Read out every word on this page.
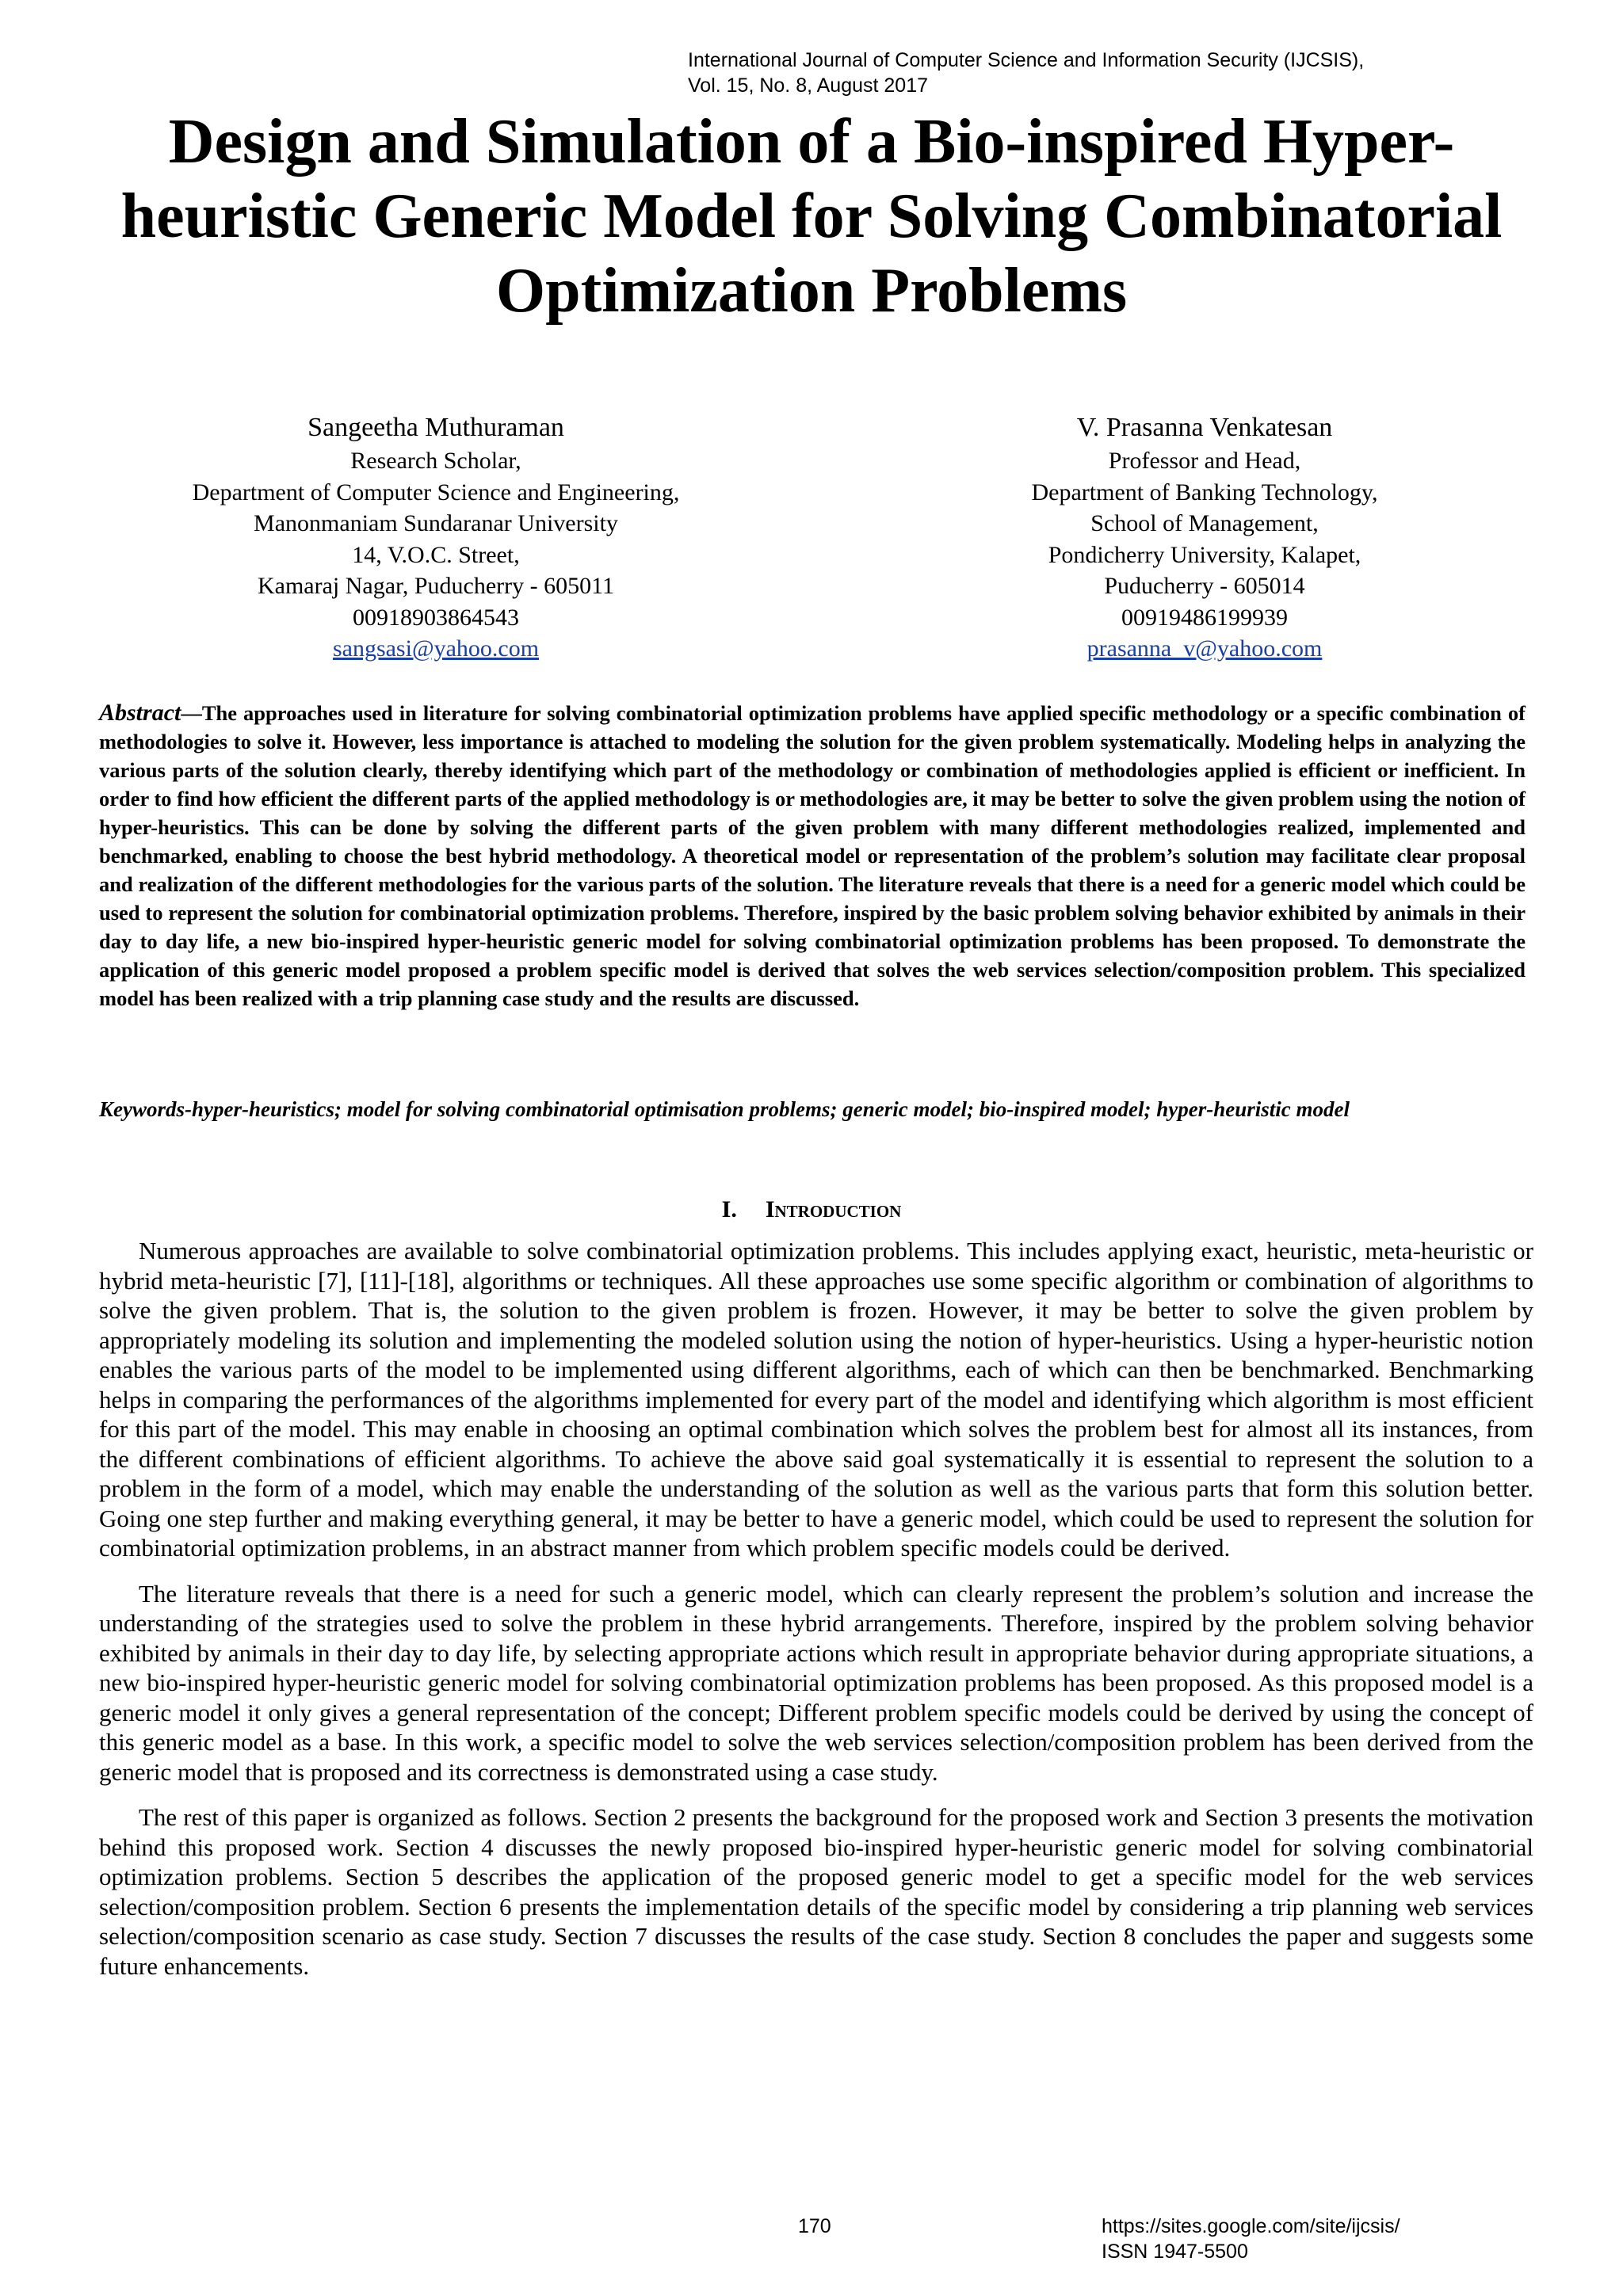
International Journal of Computer Science and Information Security (IJCSIS),
Vol. 15, No. 8, August 2017
Design and Simulation of a Bio-inspired Hyper-heuristic Generic Model for Solving Combinatorial Optimization Problems
Sangeetha Muthuraman
Research Scholar,
Department of Computer Science and Engineering,
Manonmaniam Sundaranar University
14, V.O.C. Street,
Kamaraj Nagar, Puducherry - 605011
00918903864543
sangsasi@yahoo.com
V. Prasanna Venkatesan
Professor and Head,
Department of Banking Technology,
School of Management,
Pondicherry University, Kalapet,
Puducherry - 605014
00919486199939
prasanna_v@yahoo.com

Abstract—The approaches used in literature for solving combinatorial optimization problems have applied specific methodology or a specific combination of methodologies to solve it. However, less importance is attached to modeling the solution for the given problem systematically. Modeling helps in analyzing the various parts of the solution clearly, thereby identifying which part of the methodology or combination of methodologies applied is efficient or inefficient. In order to find how efficient the different parts of the applied methodology is or methodologies are, it may be better to solve the given problem using the notion of hyper-heuristics. This can be done by solving the different parts of the given problem with many different methodologies realized, implemented and benchmarked, enabling to choose the best hybrid methodology. A theoretical model or representation of the problem’s solution may facilitate clear proposal and realization of the different methodologies for the various parts of the solution. The literature reveals that there is a need for a generic model which could be used to represent the solution for combinatorial optimization problems. Therefore, inspired by the basic problem solving behavior exhibited by animals in their day to day life, a new bio-inspired hyper-heuristic generic model for solving combinatorial optimization problems has been proposed. To demonstrate the application of this generic model proposed a problem specific model is derived that solves the web services selection/composition problem. This specialized model has been realized with a trip planning case study and the results are discussed.

Keywords-hyper-heuristics; model for solving combinatorial optimisation problems; generic model; bio-inspired model; hyper-heuristic model

I. Introduction

Numerous approaches are available to solve combinatorial optimization problems. This includes applying exact, heuristic, meta-heuristic or hybrid meta-heuristic [7], [11]-[18], algorithms or techniques. All these approaches use some specific algorithm or combination of algorithms to solve the given problem. That is, the solution to the given problem is frozen. However, it may be better to solve the given problem by appropriately modeling its solution and implementing the modeled solution using the notion of hyper-heuristics. Using a hyper-heuristic notion enables the various parts of the model to be implemented using different algorithms, each of which can then be benchmarked. Benchmarking helps in comparing the performances of the algorithms implemented for every part of the model and identifying which algorithm is most efficient for this part of the model. This may enable in choosing an optimal combination which solves the problem best for almost all its instances, from the different combinations of efficient algorithms. To achieve the above said goal systematically it is essential to represent the solution to a problem in the form of a model, which may enable the understanding of the solution as well as the various parts that form this solution better. Going one step further and making everything general, it may be better to have a generic model, which could be used to represent the solution for combinatorial optimization problems, in an abstract manner from which problem specific models could be derived.

The literature reveals that there is a need for such a generic model, which can clearly represent the problem’s solution and increase the understanding of the strategies used to solve the problem in these hybrid arrangements. Therefore, inspired by the problem solving behavior exhibited by animals in their day to day life, by selecting appropriate actions which result in appropriate behavior during appropriate situations, a new bio-inspired hyper-heuristic generic model for solving combinatorial optimization problems has been proposed. As this proposed model is a generic model it only gives a general representation of the concept; Different problem specific models could be derived by using the concept of this generic model as a base. In this work, a specific model to solve the web services selection/composition problem has been derived from the generic model that is proposed and its correctness is demonstrated using a case study.

The rest of this paper is organized as follows. Section 2 presents the background for the proposed work and Section 3 presents the motivation behind this proposed work. Section 4 discusses the newly proposed bio-inspired hyper-heuristic generic model for solving combinatorial optimization problems. Section 5 describes the application of the proposed generic model to get a specific model for the web services selection/composition problem. Section 6 presents the implementation details of the specific model by considering a trip planning web services selection/composition scenario as case study. Section 7 discusses the results of the case study. Section 8 concludes the paper and suggests some future enhancements.

170	https://sites.google.com/site/ijcsis/
ISSN 1947-5500
